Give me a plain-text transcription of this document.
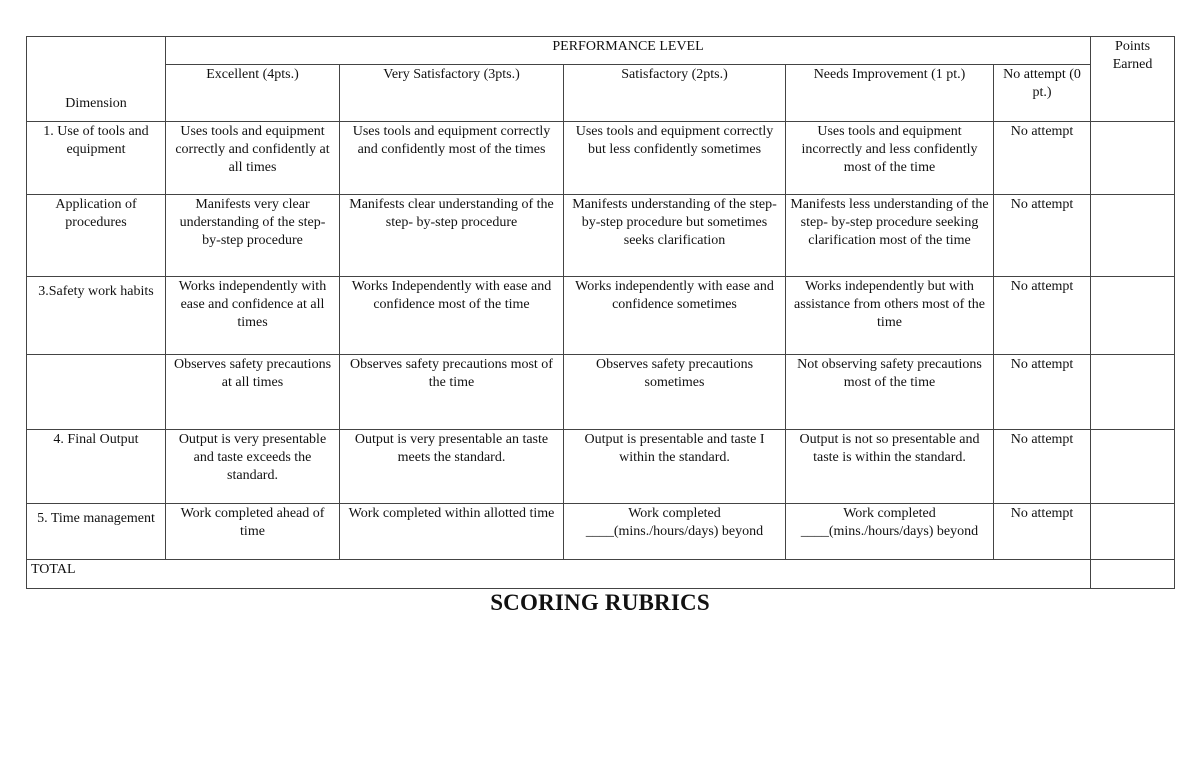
Dimension	PERFORMANCE LEVEL					Points Earned
	Excellent (4pts.)	Very Satisfactory (3pts.)	Satisfactory (2pts.)	Needs Improvement (1 pt.)	No attempt (0 pt.)	
1. Use of tools and equipment	Uses tools and equipment correctly and confidently at all times	Uses tools and equipment correctly and confidently most of the times	Uses tools and equipment correctly but less confidently sometimes	Uses tools and equipment incorrectly and less confidently most of the time	No attempt	
Application of procedures	Manifests very clear understanding of the step- by-step procedure	Manifests clear understanding of the step- by-step procedure	Manifests understanding of the step-by-step procedure but sometimes seeks clarification	Manifests less understanding of the step- by-step procedure seeking clarification most of the time	No attempt	
3.Safety work habits	Works independently with ease and confidence at all times	Works Independently with ease and confidence most of the time	Works independently with ease and confidence sometimes	Works independently but with assistance from others most of the time	No attempt	
	Observes safety precautions at all times	Observes safety precautions most of the time	Observes safety precautions sometimes	Not observing safety precautions most of the time	No attempt	
4. Final Output	Output is very presentable and taste exceeds the standard.	Output is very presentable an taste meets the standard.	Output is presentable and taste I within the standard.	Output is not so presentable and taste is within the standard.	No attempt	
5. Time management	Work completed ahead of time	Work completed within allotted time	Work completed ____(mins./hours/days) beyond	Work completed ____(mins./hours/days) beyond	No attempt	
TOTAL						
SCORING RUBRICS
